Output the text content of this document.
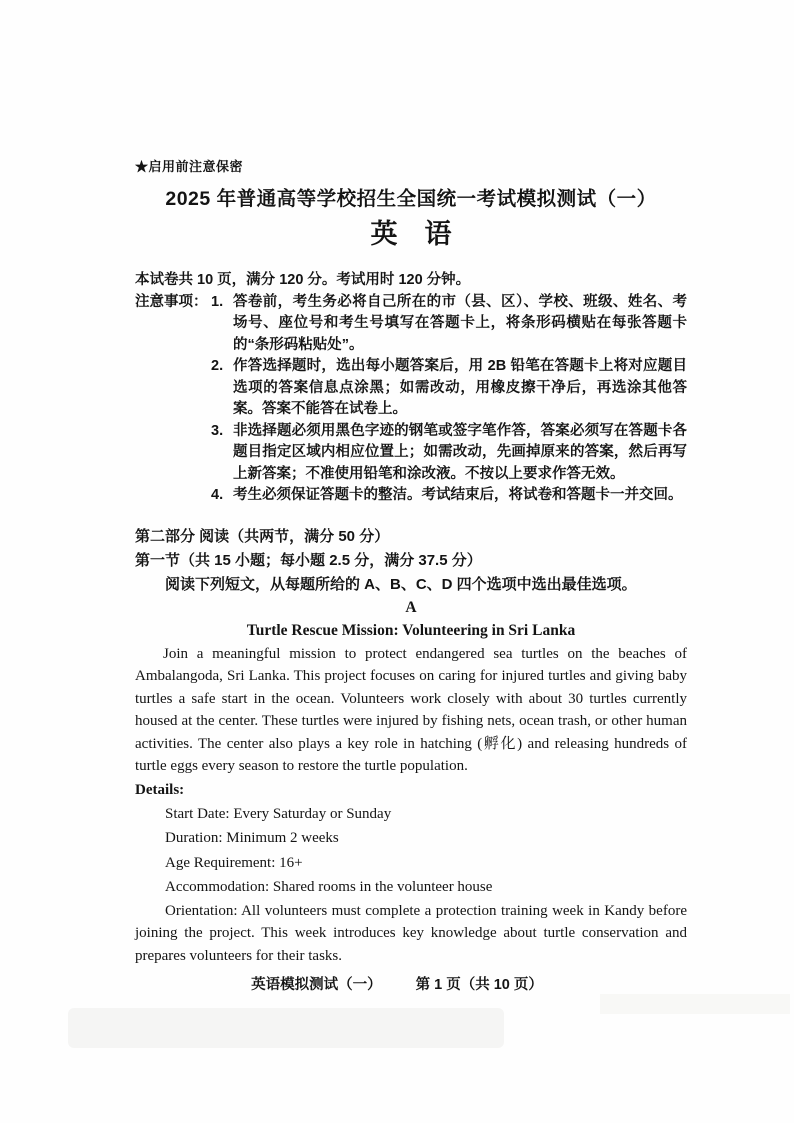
★启用前注意保密
2025 年普通高等学校招生全国统一考试模拟测试（一）
英　语

本试卷共 10 页，满分 120 分。考试用时 120 分钟。

注意事项： 1. 答卷前，考生务必将自己所在的市（县、区）、学校、班级、姓名、考场号、座位号和考生号填写在答题卡上，将条形码横贴在每张答题卡的“条形码粘贴处”。
2. 作答选择题时，选出每小题答案后，用 2B 铅笔在答题卡上将对应题目选项的答案信息点涂黑；如需改动，用橡皮擦干净后，再选涂其他答案。答案不能答在试卷上。
3. 非选择题必须用黑色字迹的钢笔或签字笔作答，答案必须写在答题卡各题目指定区域内相应位置上；如需改动，先画掉原来的答案，然后再写上新答案；不准使用铅笔和涂改液。不按以上要求作答无效。
4. 考生必须保证答题卡的整洁。考试结束后，将试卷和答题卡一并交回。
第二部分 阅读（共两节，满分 50 分）
第一节（共 15 小题；每小题 2.5 分，满分 37.5 分）
阅读下列短文，从每题所给的 A、B、C、D 四个选项中选出最佳选项。
A
Turtle Rescue Mission: Volunteering in Sri Lanka

Join a meaningful mission to protect endangered sea turtles on the beaches of Ambalangoda, Sri Lanka. This project focuses on caring for injured turtles and giving baby turtles a safe start in the ocean. Volunteers work closely with about 30 turtles currently housed at the center. These turtles were injured by fishing nets, ocean trash, or other human activities. The center also plays a key role in hatching (孵化) and releasing hundreds of turtle eggs every season to restore the turtle population.

Details:
Start Date: Every Saturday or Sunday
Duration: Minimum 2 weeks
Age Requirement: 16+
Accommodation: Shared rooms in the volunteer house

Orientation: All volunteers must complete a protection training week in Kandy before joining the project. This week introduces key knowledge about turtle conservation and prepares volunteers for their tasks.

英语模拟测试（一） 第 1 页（共 10 页）
